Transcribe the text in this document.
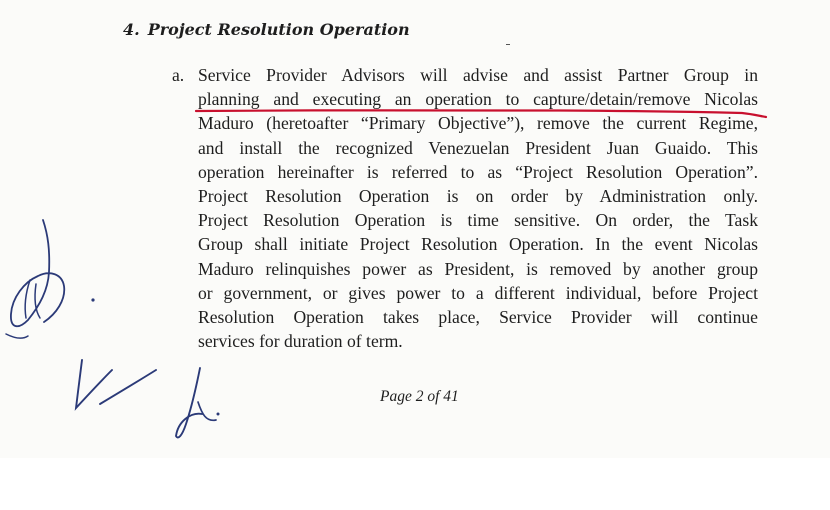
4. Project Resolution Operation
a. Service Provider Advisors will advise and assist Partner Group in
planning and executing an operation to capture/detain/remove Nicolas
Maduro (heretoafter “Primary Objective”), remove the current Regime,
and install the recognized Venezuelan President Juan Guaido. This
operation hereinafter is referred to as “Project Resolution Operation”.
Project Resolution Operation is on order by Administration only.
Project Resolution Operation is time sensitive. On order, the Task
Group shall initiate Project Resolution Operation. In the event Nicolas
Maduro relinquishes power as President, is removed by another group
or government, or gives power to a different individual, before Project
Resolution Operation takes place, Service Provider will continue
services for duration of term.
Page 2 of 41
